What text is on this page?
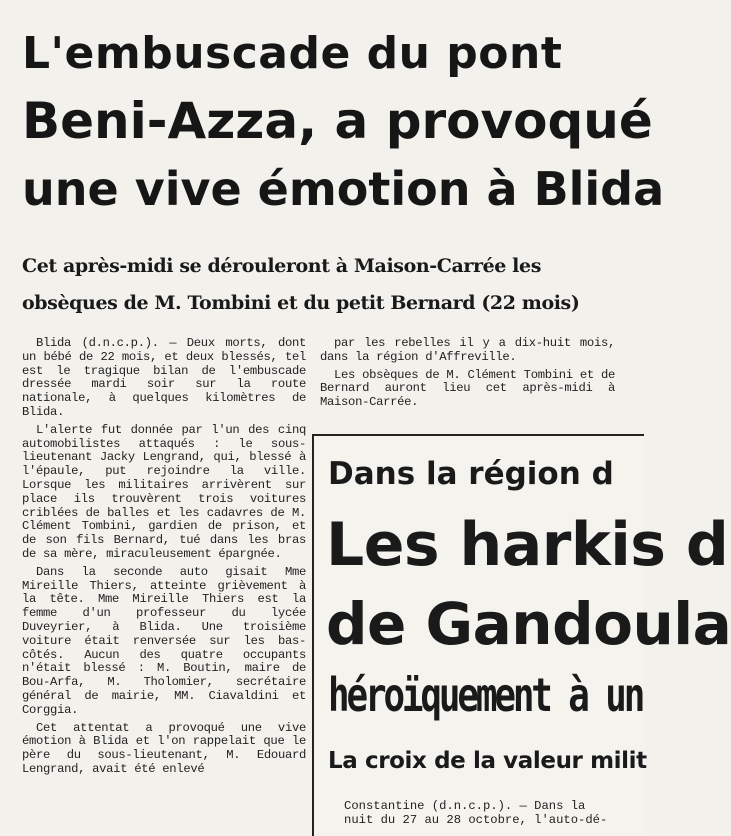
L'embuscade du pont
Beni-Azza, a provoqué
une vive émotion à Blida
Cet après-midi se dérouleront à Maison-Carrée les
obsèques de M. Tombini et du petit Bernard (22 mois)

Blida (d.n.c.p.). — Deux morts, dont un bébé de 22 mois, et deux blessés, tel est le tragique bilan de l'embuscade dressée mardi soir sur la route nationale, à quelques kilomètres de Blida.

L'alerte fut donnée par l'un des cinq automobilistes attaqués : le sous-lieutenant Jacky Lengrand, qui, blessé à l'épaule, put rejoindre la ville. Lorsque les militaires arrivèrent sur place ils trouvèrent trois voitures criblées de balles et les cadavres de M. Clément Tombini, gardien de prison, et de son fils Bernard, tué dans les bras de sa mère, miraculeusement épargnée.

Dans la seconde auto gisait Mme Mireille Thiers, atteinte grièvement à la tête. Mme Mireille Thiers est la femme d'un professeur du lycée Duveyrier, à Blida. Une troisième voiture était renversée sur les bas-côtés. Aucun des quatre occupants n'était blessé : M. Boutin, maire de Bou-Arfa, M. Tholomier, secrétaire général de mairie, MM. Ciavaldini et Corggia.

Cet attentat a provoqué une vive émotion à Blida et l'on rappelait que le père du sous-lieutenant, M. Edouard Lengrand, avait été enlevé

par les rebelles il y a dix-huit mois, dans la région d'Affreville.

Les obsèques de M. Clément Tombini et de Bernard auront lieu cet après-midi à Maison-Carrée.

Dans la région d
Les harkis d
de Gandoula
héroïquement à un
La croix de la valeur milit
Constantine (d.n.c.p.). — Dans la
nuit du 27 au 28 octobre, l'auto-dé-
